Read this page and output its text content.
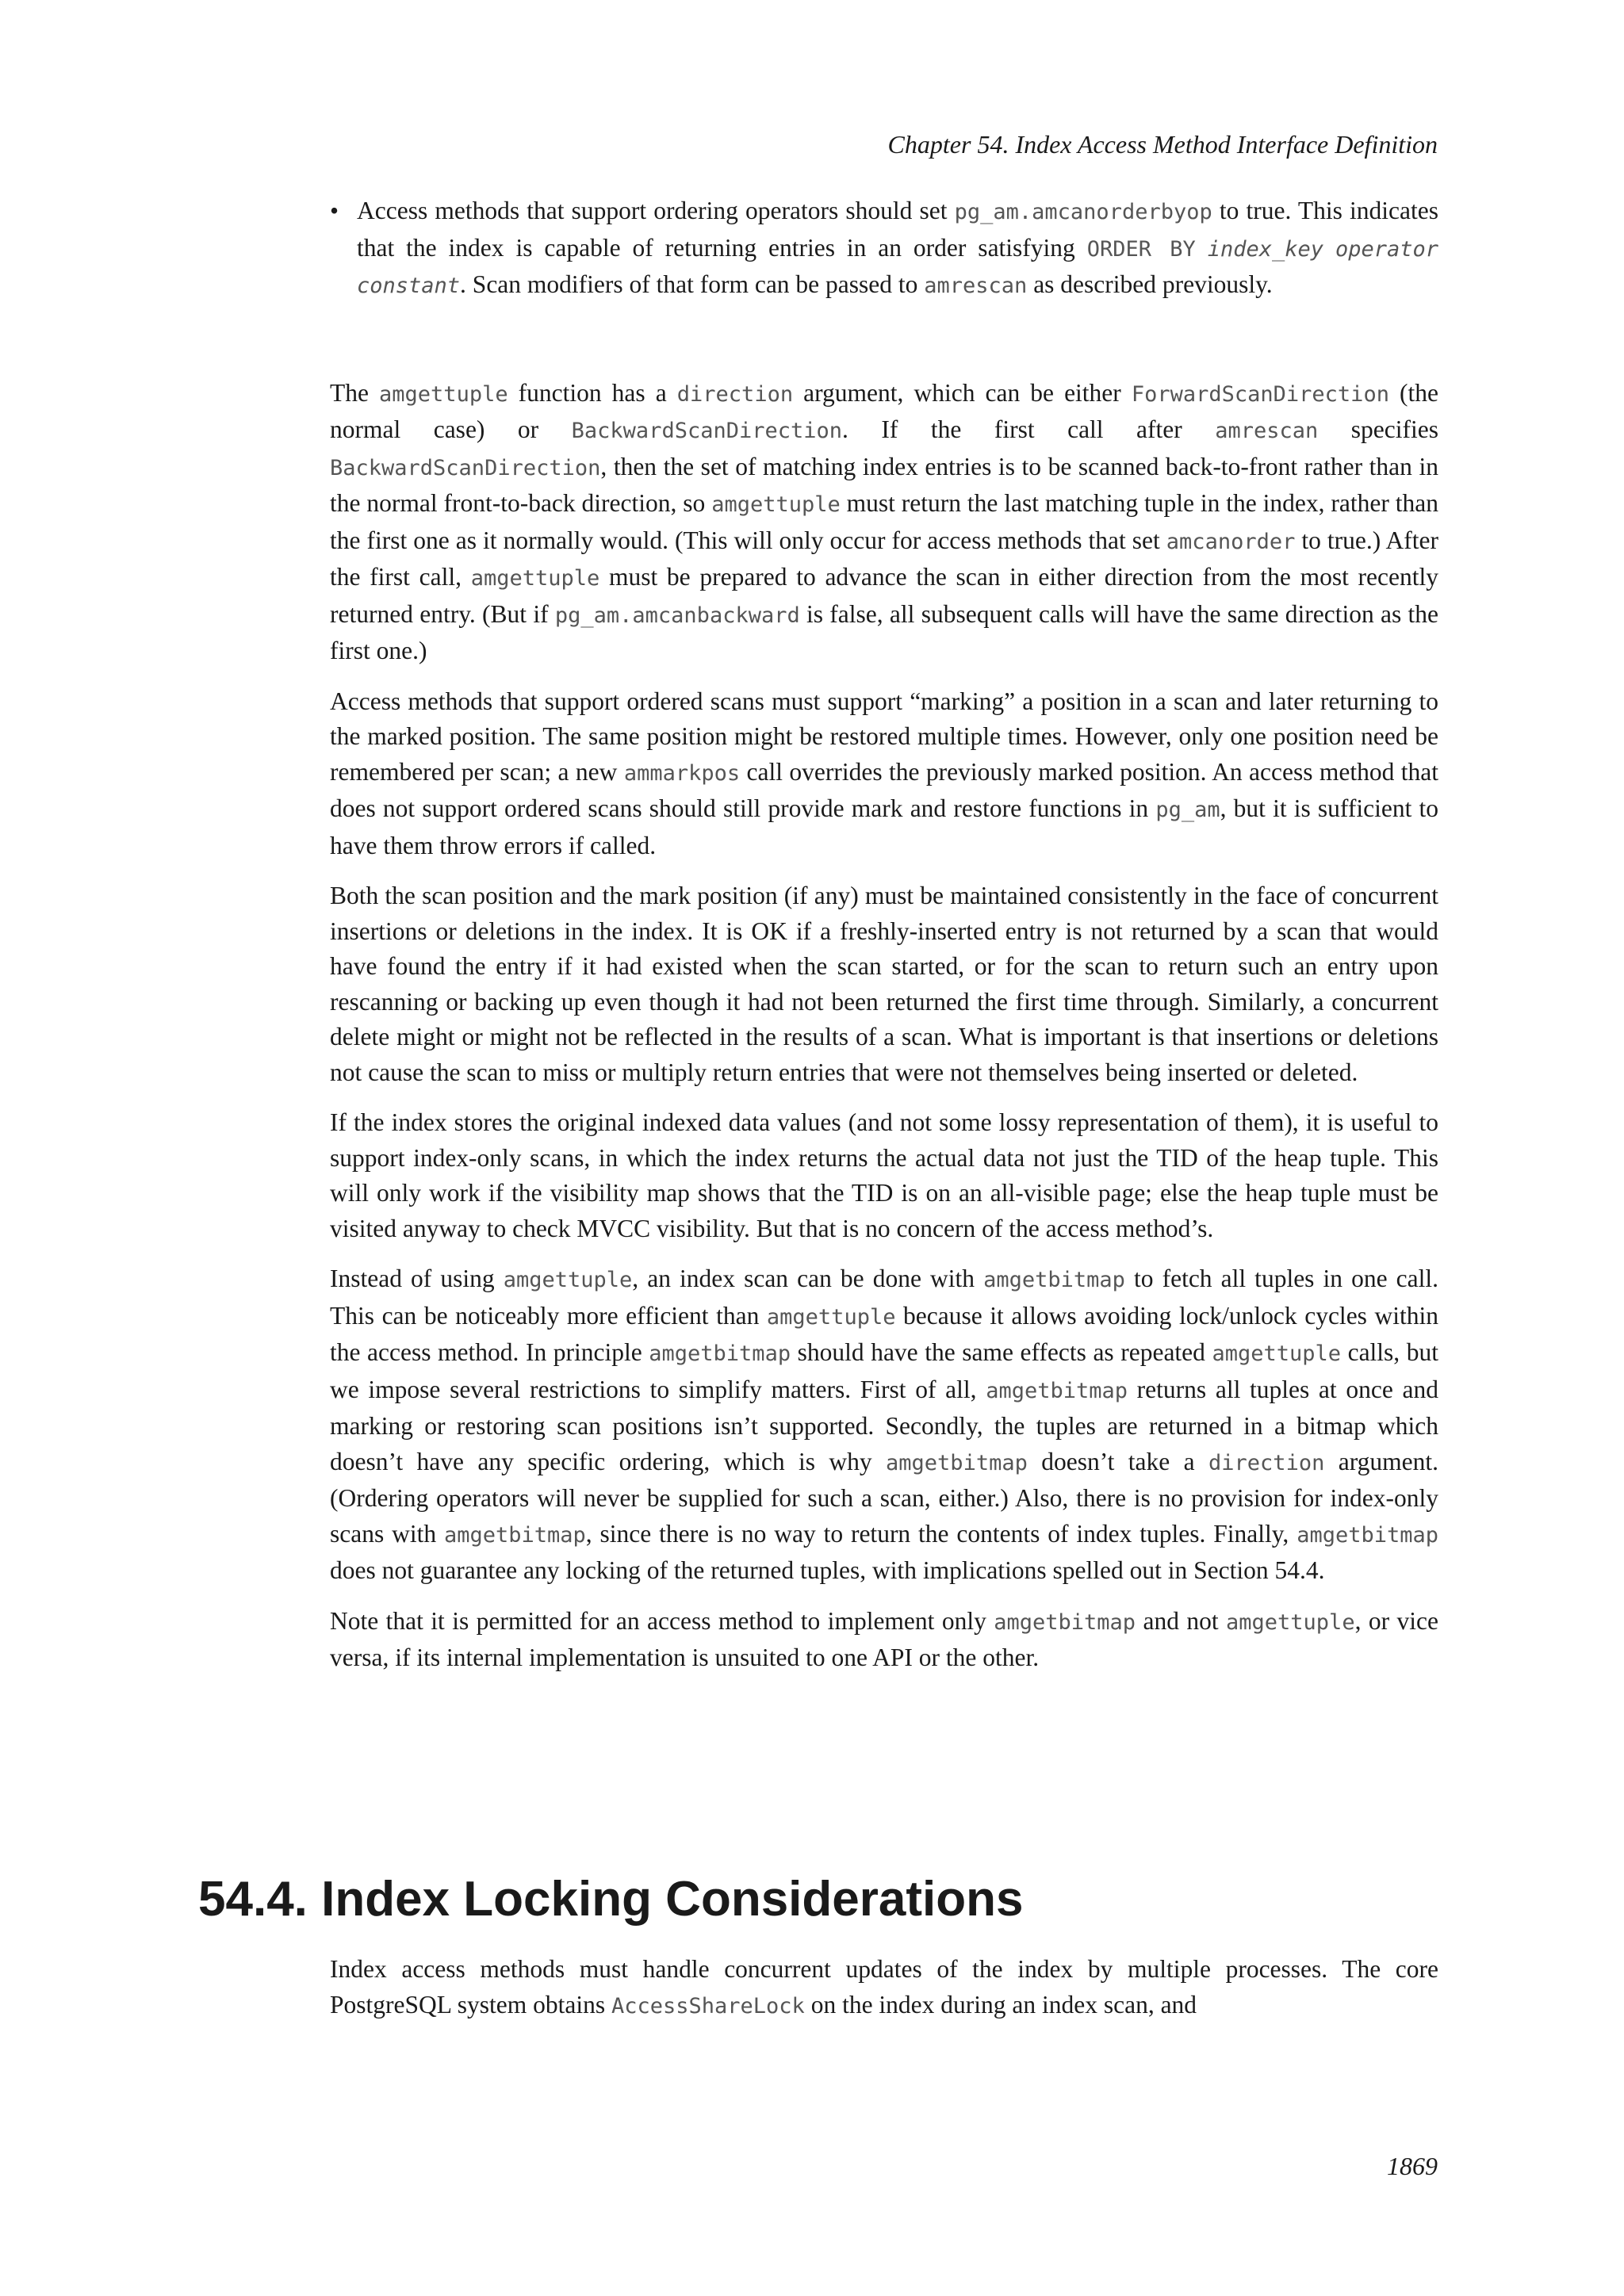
Chapter 54. Index Access Method Interface Definition
• Access methods that support ordering operators should set pg_am.amcanorderbyop to true. This indicates that the index is capable of returning entries in an order satisfying ORDER BY index_key operator constant. Scan modifiers of that form can be passed to amrescan as described previously.

The amgettuple function has a direction argument, which can be either ForwardScanDirection (the normal case) or BackwardScanDirection. If the first call after amrescan specifies BackwardScanDirection, then the set of matching index entries is to be scanned back-to-front rather than in the normal front-to-back direction, so amgettuple must return the last matching tuple in the index, rather than the first one as it normally would. (This will only occur for access methods that set amcanorder to true.) After the first call, amgettuple must be prepared to advance the scan in either direction from the most recently returned entry. (But if pg_am.amcanbackward is false, all subsequent calls will have the same direction as the first one.)

Access methods that support ordered scans must support “marking” a position in a scan and later returning to the marked position. The same position might be restored multiple times. However, only one position need be remembered per scan; a new ammarkpos call overrides the previously marked position. An access method that does not support ordered scans should still provide mark and restore functions in pg_am, but it is sufficient to have them throw errors if called.

Both the scan position and the mark position (if any) must be maintained consistently in the face of concurrent insertions or deletions in the index. It is OK if a freshly-inserted entry is not returned by a scan that would have found the entry if it had existed when the scan started, or for the scan to return such an entry upon rescanning or backing up even though it had not been returned the first time through. Similarly, a concurrent delete might or might not be reflected in the results of a scan. What is important is that insertions or deletions not cause the scan to miss or multiply return entries that were not themselves being inserted or deleted.

If the index stores the original indexed data values (and not some lossy representation of them), it is useful to support index-only scans, in which the index returns the actual data not just the TID of the heap tuple. This will only work if the visibility map shows that the TID is on an all-visible page; else the heap tuple must be visited anyway to check MVCC visibility. But that is no concern of the access method’s.

Instead of using amgettuple, an index scan can be done with amgetbitmap to fetch all tuples in one call. This can be noticeably more efficient than amgettuple because it allows avoiding lock/unlock cycles within the access method. In principle amgetbitmap should have the same effects as repeated amgettuple calls, but we impose several restrictions to simplify matters. First of all, amgetbitmap returns all tuples at once and marking or restoring scan positions isn’t supported. Secondly, the tuples are returned in a bitmap which doesn’t have any specific ordering, which is why amgetbitmap doesn’t take a direction argument. (Ordering operators will never be supplied for such a scan, either.) Also, there is no provision for index-only scans with amgetbitmap, since there is no way to return the contents of index tuples. Finally, amgetbitmap does not guarantee any locking of the returned tuples, with implications spelled out in Section 54.4.

Note that it is permitted for an access method to implement only amgetbitmap and not amgettuple, or vice versa, if its internal implementation is unsuited to one API or the other.

54.4. Index Locking Considerations

Index access methods must handle concurrent updates of the index by multiple processes. The core PostgreSQL system obtains AccessShareLock on the index during an index scan, and

1869
